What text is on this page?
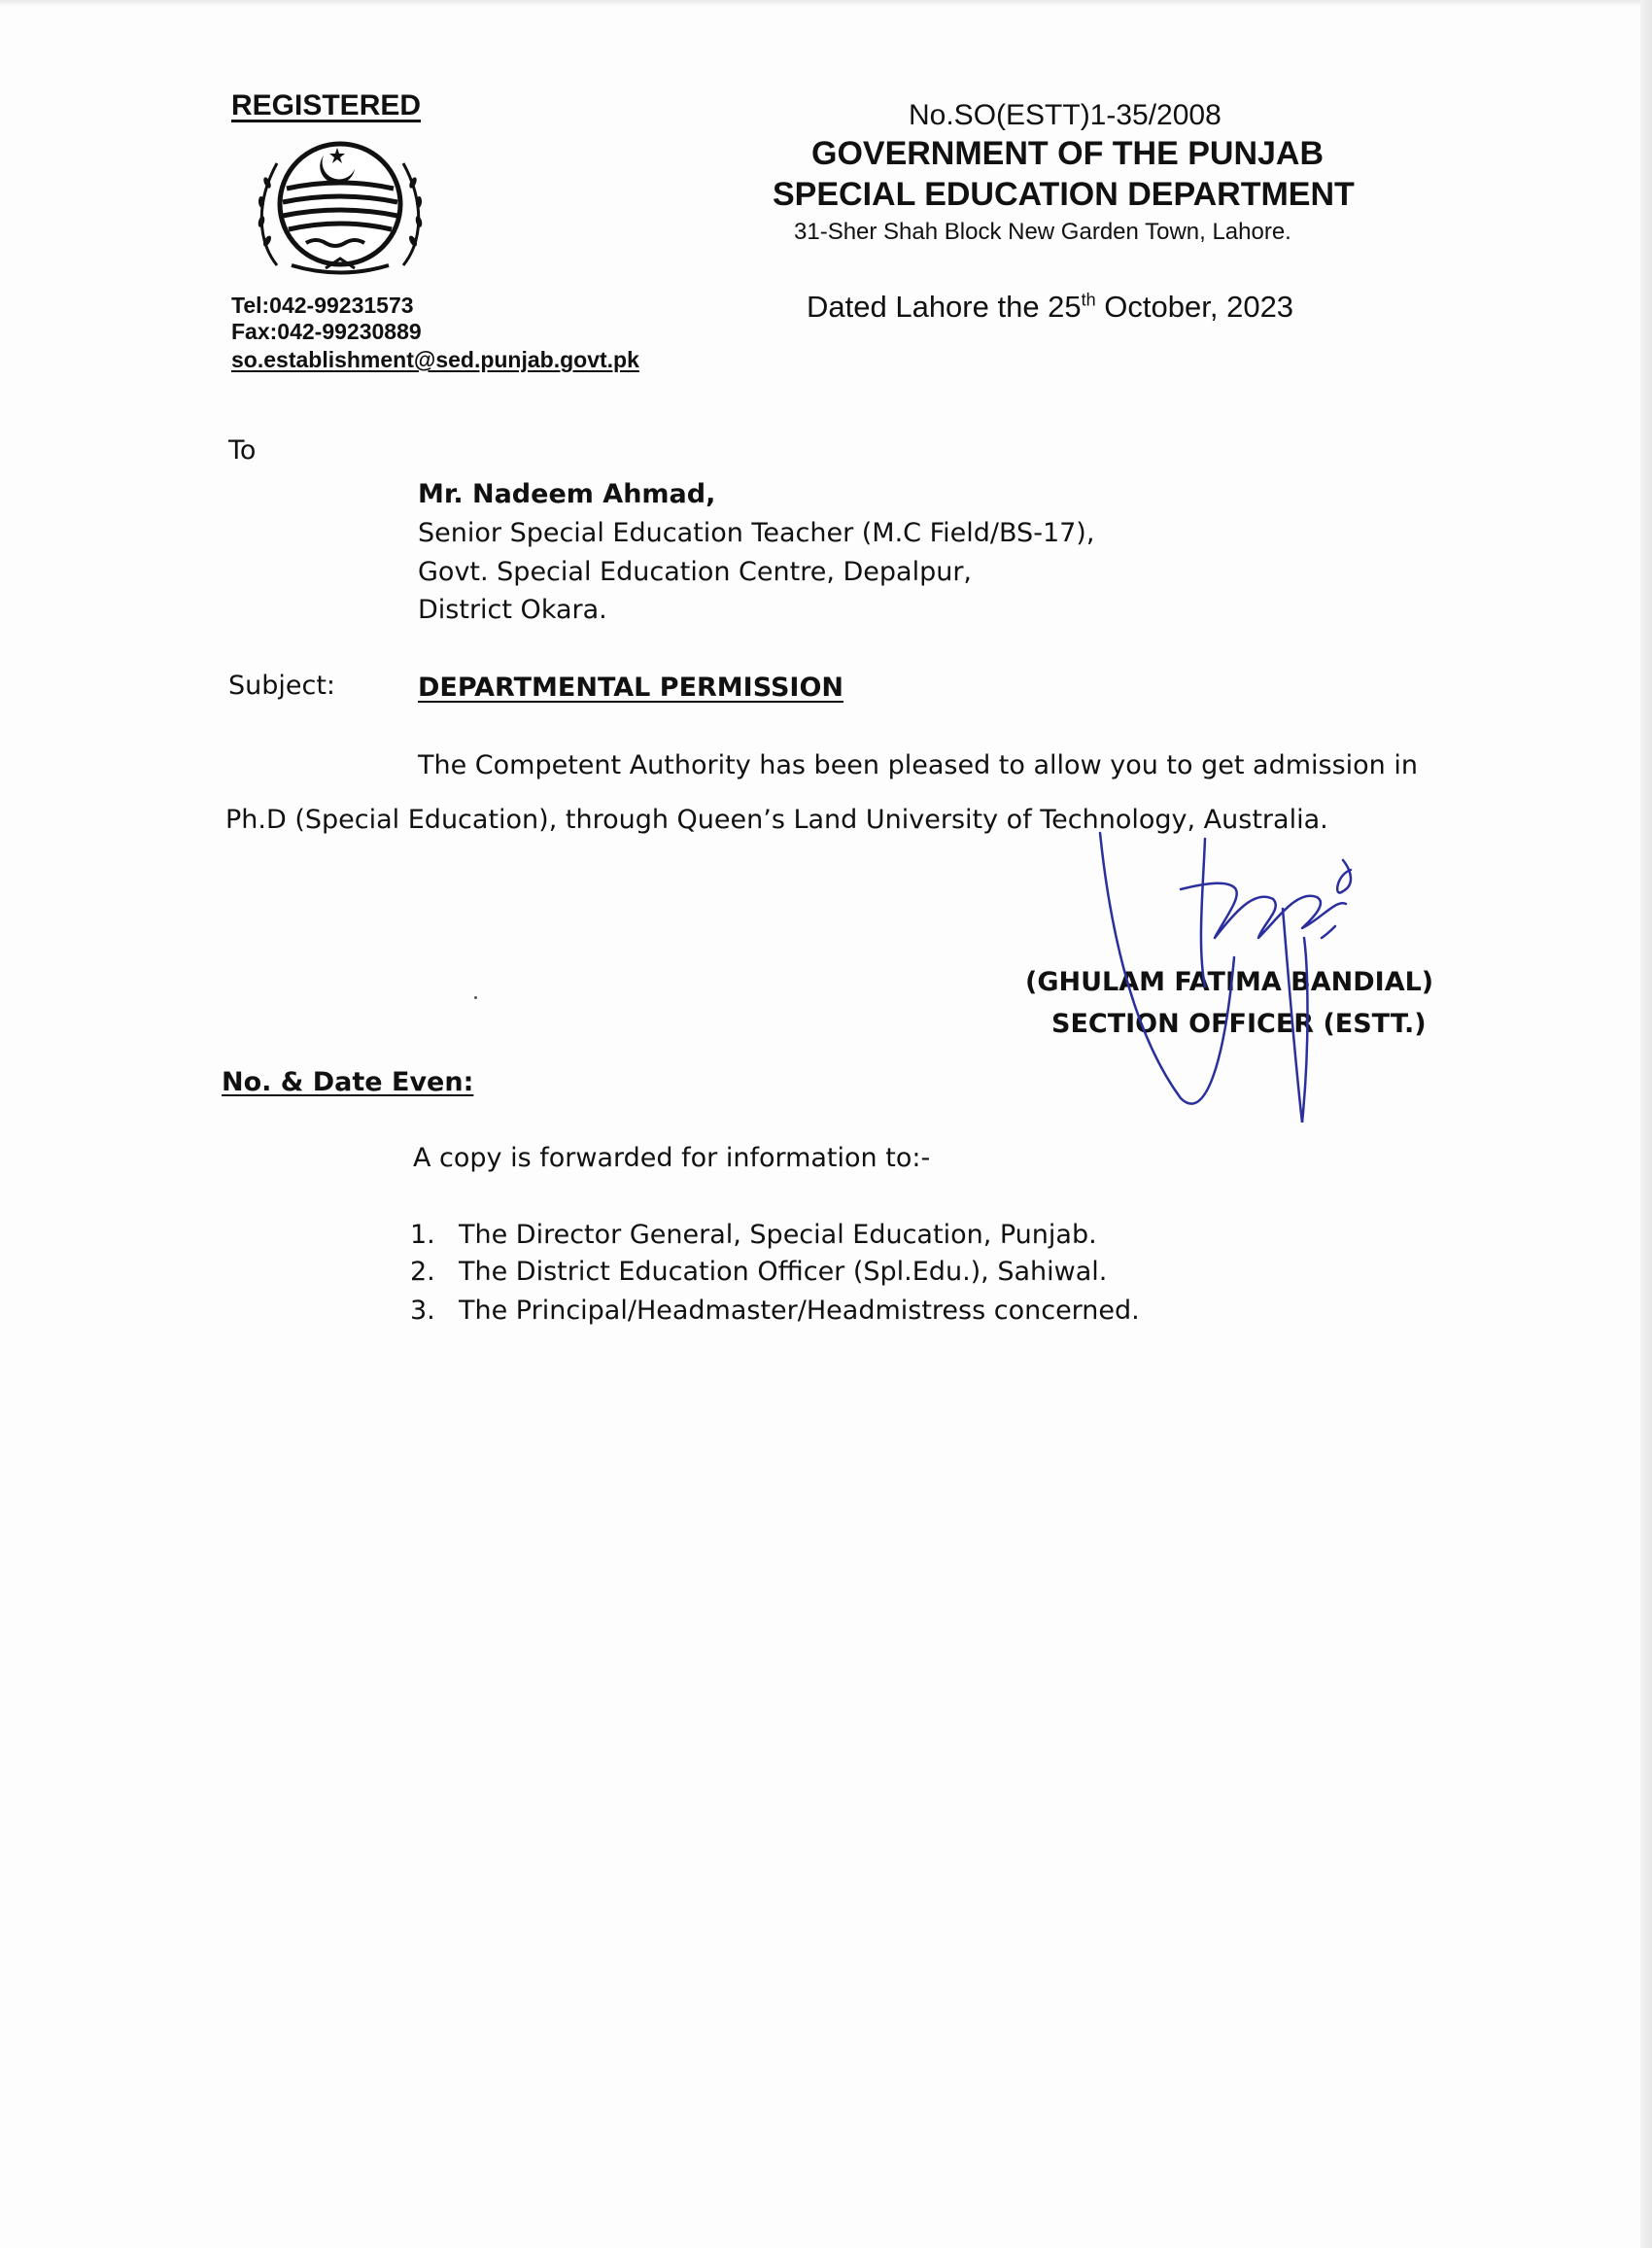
REGISTERED
Tel:042-99231573
Fax:042-99230889
so.establishment@sed.punjab.govt.pk
No.SO(ESTT)1-35/2008
GOVERNMENT OF THE PUNJAB
SPECIAL EDUCATION DEPARTMENT
31-Sher Shah Block New Garden Town, Lahore.
Dated Lahore the 25th October, 2023
To
Mr. Nadeem Ahmad,
Senior Special Education Teacher (M.C Field/BS-17),
Govt. Special Education Centre, Depalpur,
District Okara.
Subject:	DEPARTMENTAL PERMISSION
The Competent Authority has been pleased to allow you to get admission in
Ph.D (Special Education), through Queen’s Land University of Technology, Australia.
(GHULAM FATIMA BANDIAL)
SECTION OFFICER (ESTT.)
No. & Date Even:
A copy is forwarded for information to:-
1. The Director General, Special Education, Punjab.
2. The District Education Officer (Spl.Edu.), Sahiwal.
3. The Principal/Headmaster/Headmistress concerned.
